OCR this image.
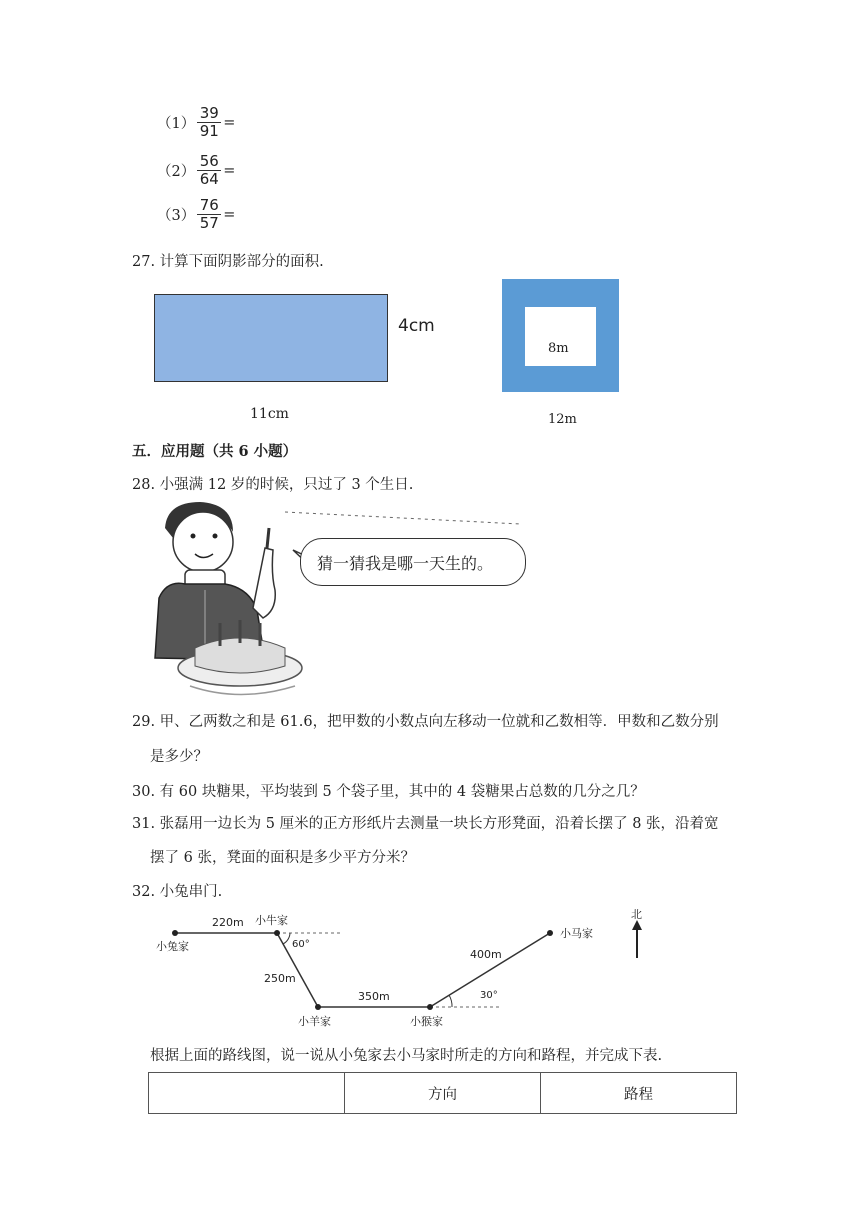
$(1) \frac{39}{91}$ =
$(2) \frac{56}{64}$ =
$(3) \frac{76}{57}$ =
27. 计算下面阴影部分的面积.
4cm
11cm
8m
12m
五．应用题（共 6 小题）
28. 小强满 12 岁的时候，只过了 3 个生日.
猜一猜我是哪一天生的。
29. 甲、乙两数之和是 61.6，把甲数的小数点向左移动一位就和乙数相等．甲数和乙数分别
是多少？
30. 有 60 块糖果，平均装到 5 个袋子里，其中的 4 袋糖果占总数的几分之几？
31. 张磊用一边长为 5 厘米的正方形纸片去测量一块长方形凳面，沿着长摆了 8 张，沿着宽
摆了 6 张，凳面的面积是多少平方分米？
32. 小兔串门.
小兔家
小牛家
小羊家	小猴家
小马家
220m
250m
350m
400m
60°
30°
北
根据上面的路线图，说一说从小兔家去小马家时所走的方向和路程，并完成下表.
	方向	路程
